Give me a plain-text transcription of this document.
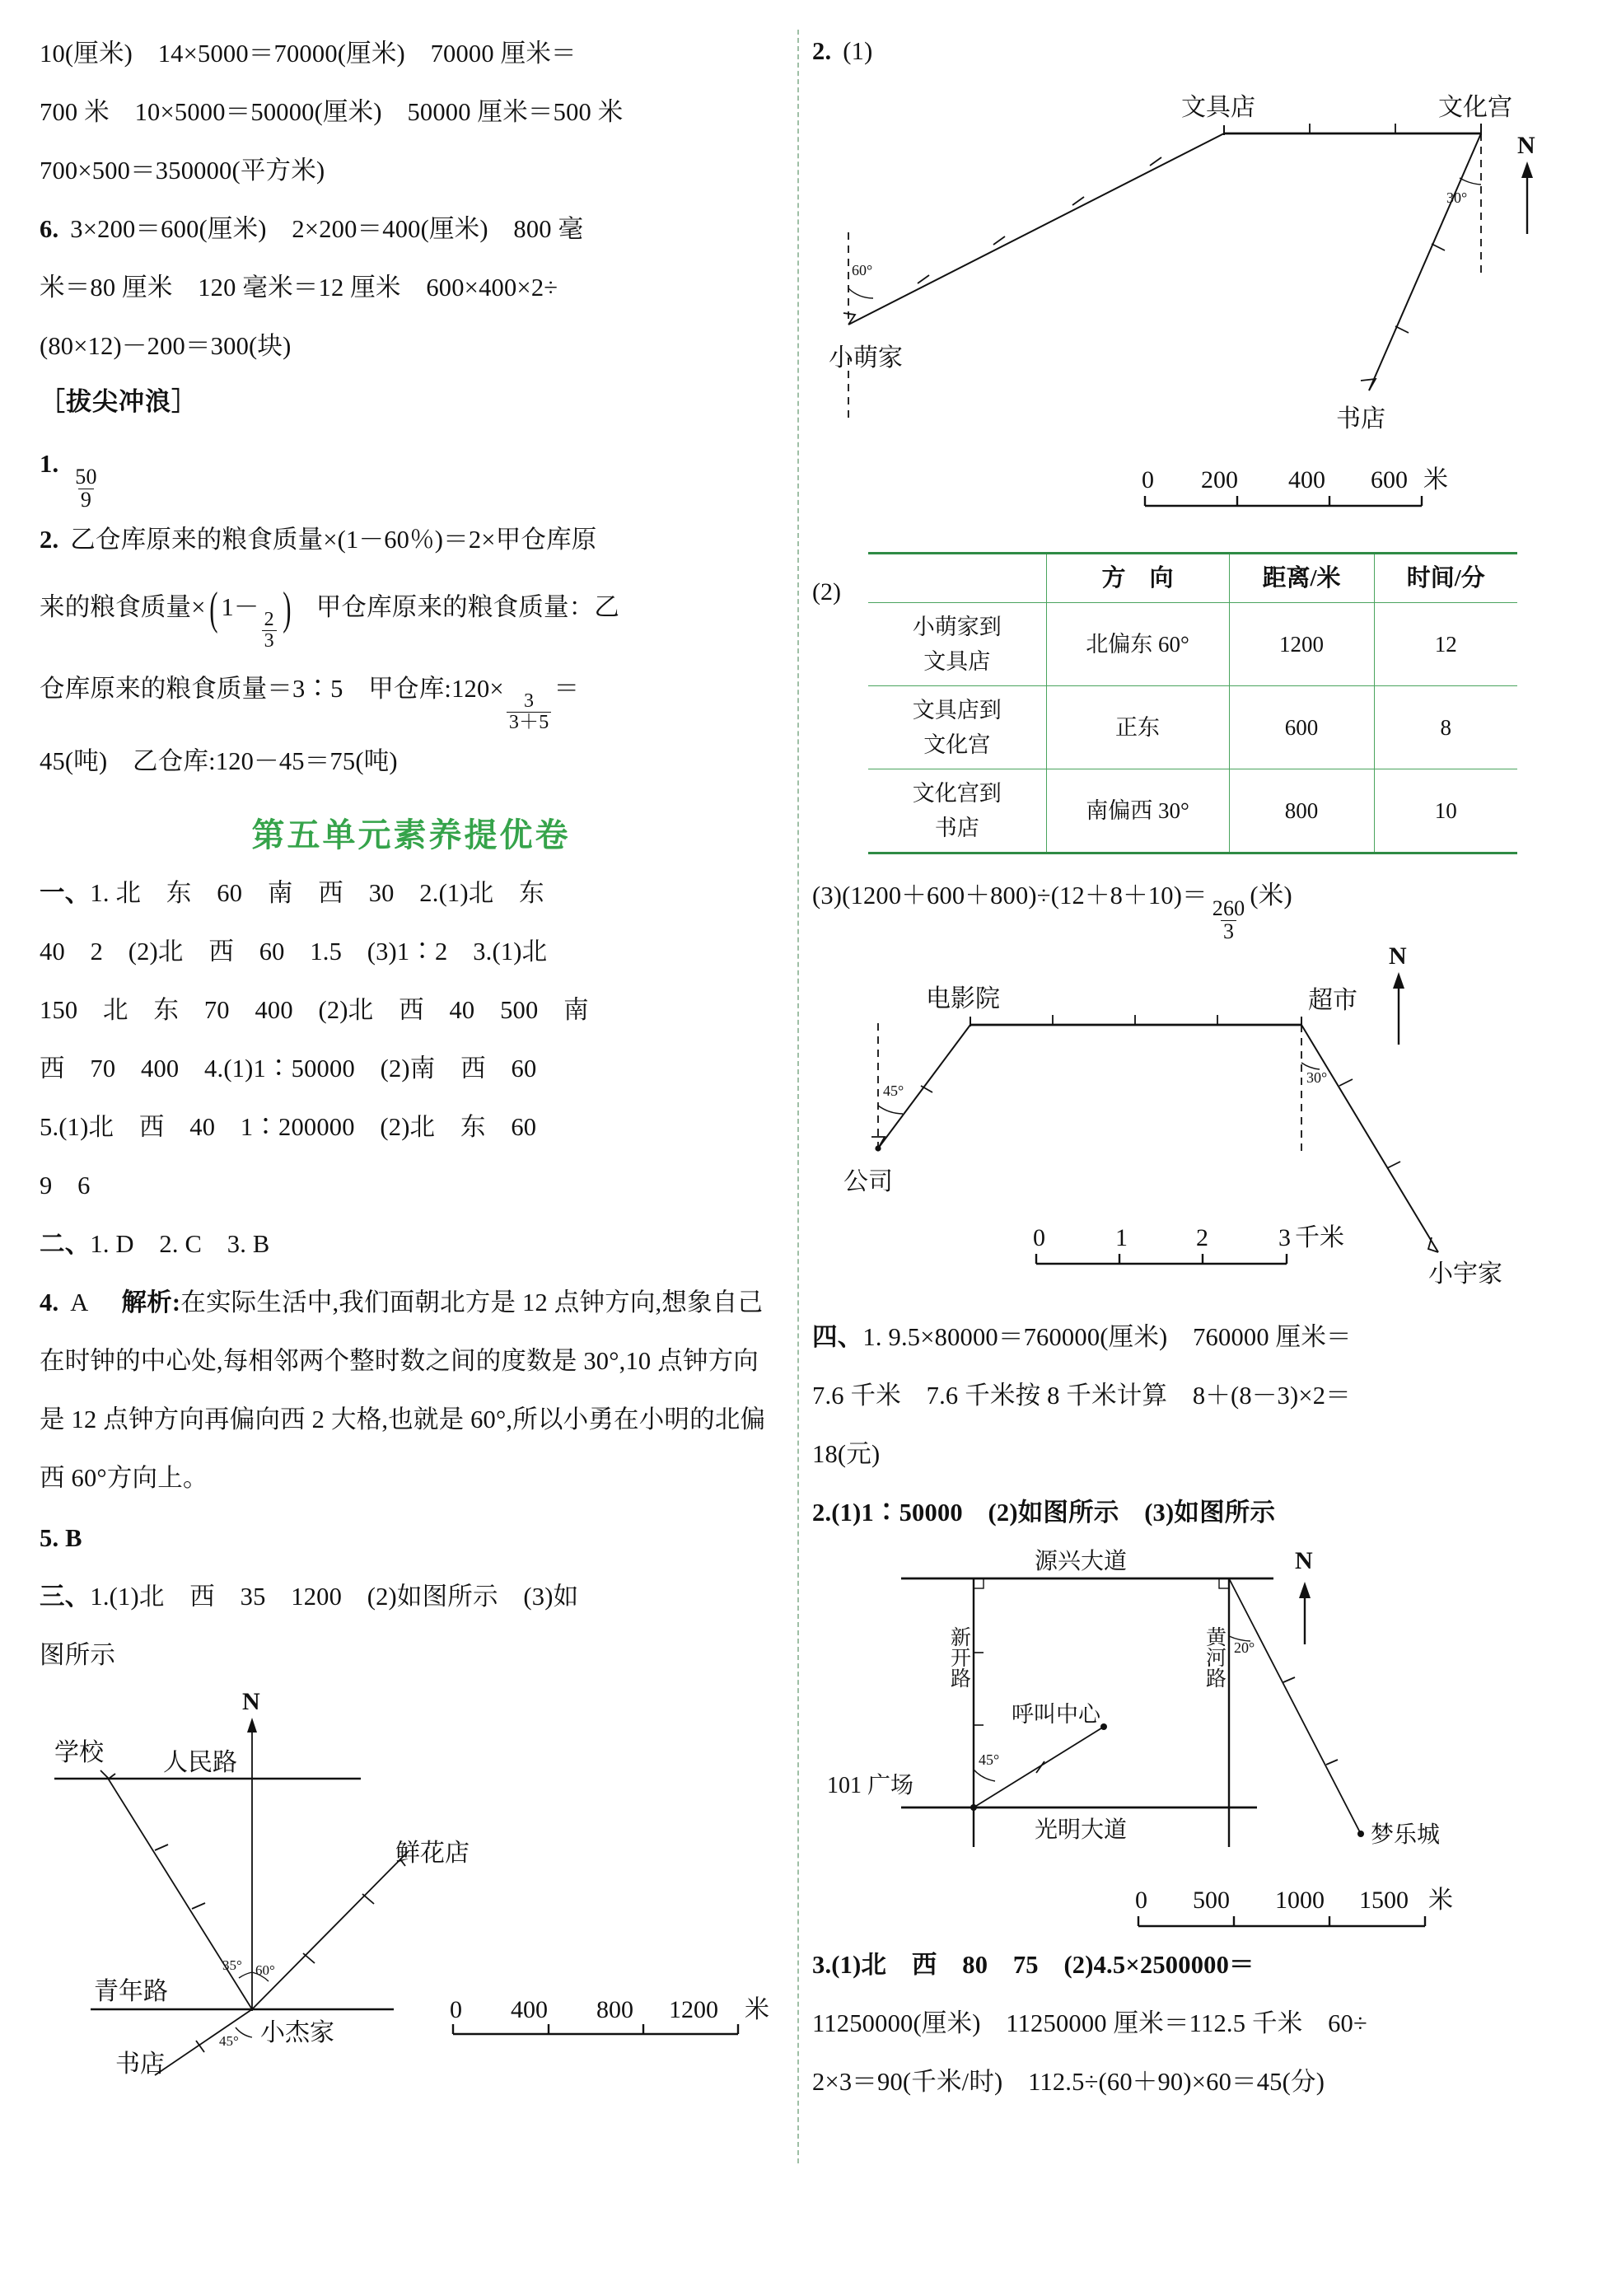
10(厘米)　14×5000＝70000(厘米)　70000 厘米＝
700 米　10×5000＝50000(厘米)　50000 厘米＝500 米
700×500＝350000(平方米)
6. 3×200＝600(厘米)　2×200＝400(厘米)　800 毫
米＝80 厘米　120 毫米＝12 厘米　600×400×2÷
(80×12)－200＝300(块)
［拔尖冲浪］
1.
$\frac{50}{9}$
2. 乙仓库原来的粮食质量×(1－60％)＝2×甲仓库原
来的粮食质量×( 1－
$\frac{2}{3}$ ) 甲仓库原来的粮食质量：乙
仓库原来的粮食质量＝3∶5　甲仓库:120×
$\frac{3}{3+5}$
＝
45(吨)　乙仓库:120－45＝75(吨)
第五单元素养提优卷
一、1. 北　东　60　南　西　30　2.(1)北　东
40　2　(2)北　西　60　1.5　(3)1∶2　3.(1)北
150　北　东　70　400　(2)北　西　40　500　南
西　70　400　4.(1)1∶50000　(2)南　西　60
5.(1)北　西　40　1∶200000　(2)北　东　60
9　6
二、1. D　2. C　3. B
4. A 解析:在实际生活中,我们面朝北方是 12 点钟方向,想象自己在时钟的中心处,每相邻两个整时数之间的度数是 30°,10 点钟方向是 12 点钟方向再偏向西 2 大格,也就是 60°,所以小勇在小明的北偏西 60°方向上。
5. B
三、1.(1)北　西　35　1200　(2)如图所示　(3)如
图所示
N
35° 60°
45°
学校 人民路
鲜花店
青年路
小杰家
书店
0 400 800 1200 米
2. (1)
60°
30°
N
文具店	文化宫
小萌家
书店
0 200 400 600 米
(2)
		方　向	距离/米	时间/分

小萌家到
文具店	北偏东 60°	1200	12

文具店到
文化宫	正东	600	8

文化宫到
书店	南偏西 30°	800	10
(3)(1200＋600＋800)÷(12＋8＋10)＝
$\frac{260}{3}$
(米)
N
45°
30°
电影院	超市
公司
小宇家
0	1	2	3 千米
四、1. 9.5×80000＝760000(厘米)　760000 厘米＝
7.6 千米　7.6 千米按 8 千米计算　8＋(8－3)×2＝
18(元)
2.(1)1∶50000　(2)如图所示　(3)如图所示
源兴大道
光明大道
新开路	黄河路
45°
呼叫中心
101 广场
20°
梦乐城
N
0 500 1000 1500 米
3.(1)北　西　80　75　(2)4.5×2500000＝
11250000(厘米)　11250000 厘米＝112.5 千米　60÷
2×3＝90(千米/时)　112.5÷(60＋90)×60＝45(分)
